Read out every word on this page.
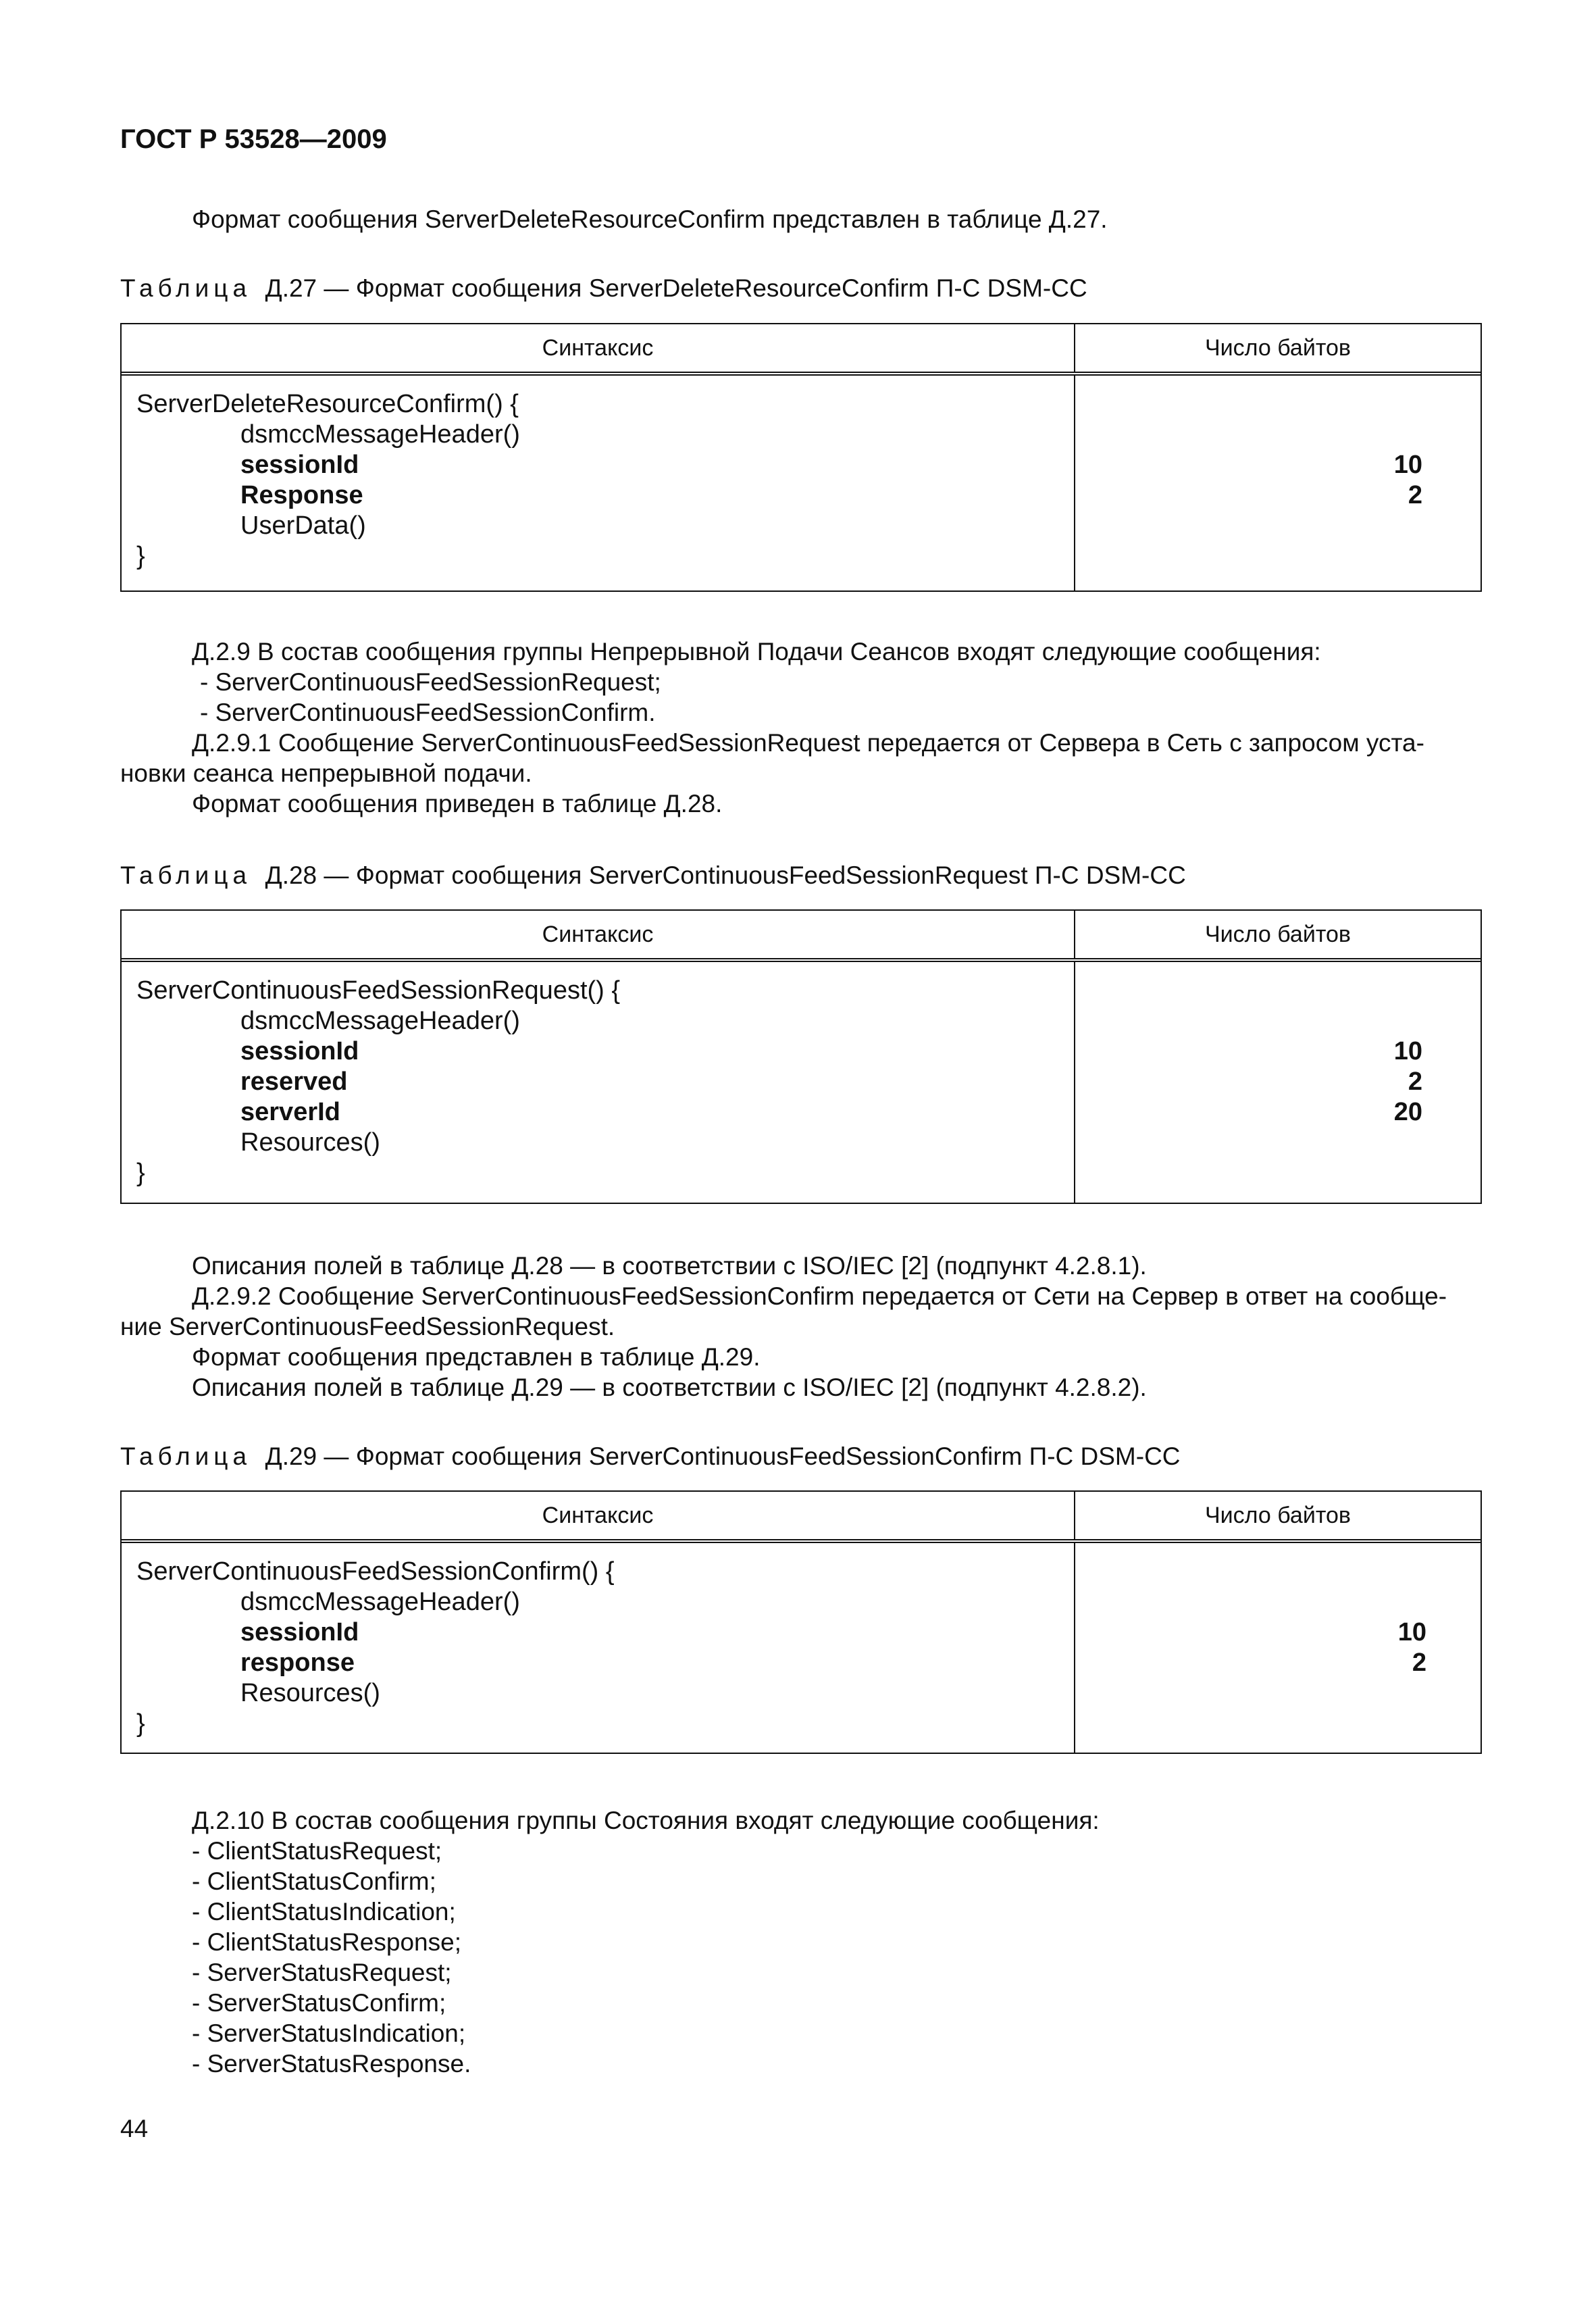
ГОСТ Р 53528—2009
Формат сообщения ServerDeleteResourceConfirm представлен в таблице Д.27.
Таблица Д.27 — Формат сообщения ServerDeleteResourceConfirm П-С DSM-CC
Синтаксис	Число байтов
ServerDeleteResourceConfirm() {
dsmccMessageHeader()
sessionId	10
Response	2
UserData()
}
Д.2.9 В состав сообщения группы Непрерывной Подачи Сеансов входят следующие сообщения:
- ServerContinuousFeedSessionRequest;
- ServerContinuousFeedSessionConfirm.
Д.2.9.1 Сообщение ServerContinuousFeedSessionRequest передается от Сервера в Сеть с запросом уста-
новки сеанса непрерывной подачи.
Формат сообщения приведен в таблице Д.28.
Таблица Д.28 — Формат сообщения ServerContinuousFeedSessionRequest П-С DSM-CC
Синтаксис	Число байтов
ServerContinuousFeedSessionRequest() {
dsmccMessageHeader()
sessionId	10
reserved	2
serverId	20
Resources()
}
Описания полей в таблице Д.28 — в соответствии с ISO/IEC [2] (подпункт 4.2.8.1).
Д.2.9.2 Сообщение ServerContinuousFeedSessionConfirm передается от Сети на Сервер в ответ на сообще-
ние ServerContinuousFeedSessionRequest.
Формат сообщения представлен в таблице Д.29.
Описания полей в таблице Д.29 — в соответствии с ISO/IEC [2] (подпункт 4.2.8.2).
Таблица Д.29 — Формат сообщения ServerContinuousFeedSessionConfirm П-С DSM-CC
Синтаксис	Число байтов
ServerContinuousFeedSessionConfirm() {
dsmccMessageHeader()
sessionId	10
response	2
Resources()
}
Д.2.10 В состав сообщения группы Состояния входят следующие сообщения:
- ClientStatusRequest;
- ClientStatusConfirm;
- ClientStatusIndication;
- ClientStatusResponse;
- ServerStatusRequest;
- ServerStatusConfirm;
- ServerStatusIndication;
- ServerStatusResponse.
44
